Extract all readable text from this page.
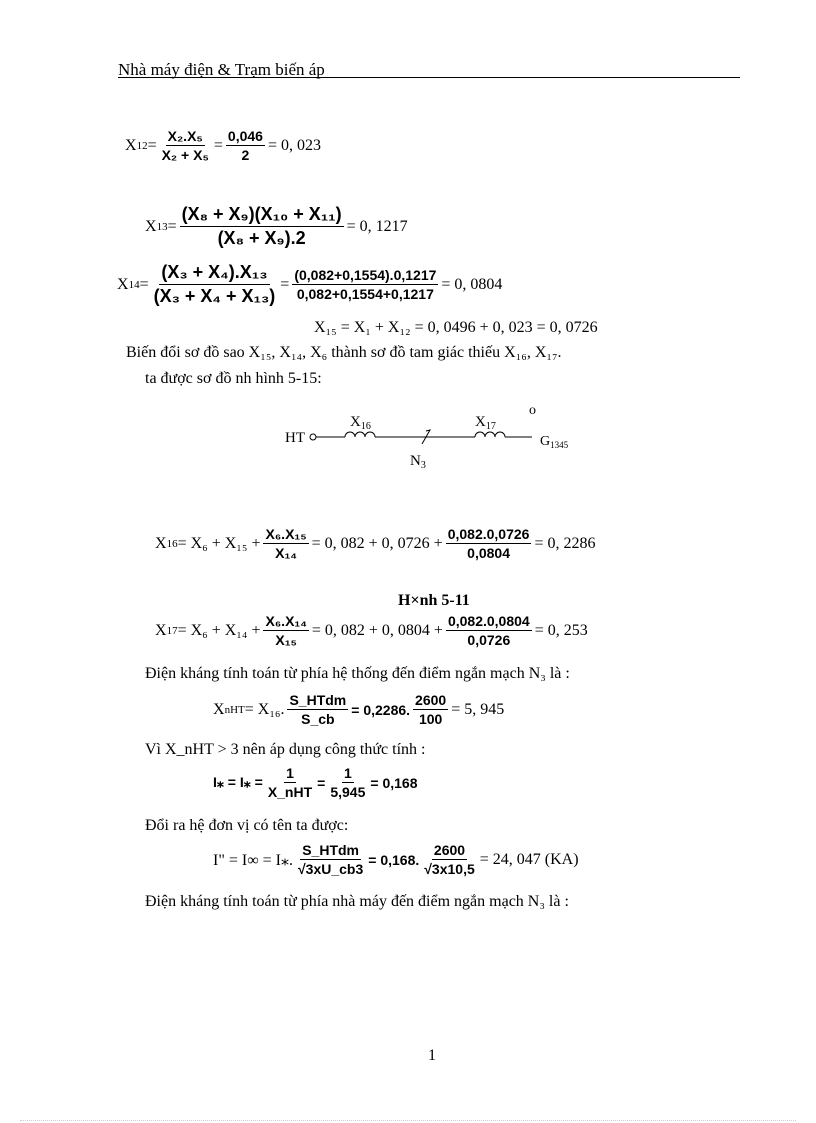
Nhà máy điện & Trạm biến áp
X $12 = \frac{\text{X₂.X₅}}{\text{X₂ + X₅}} = \frac{0,046}{2} = 0$, 023
X $13 = \frac{\text{(X₈ + X₉)(X₁₀ + X₁₁)}}{\text{(X₈ + X₉).2}} = 0$, 1217
X $14 = \frac{\text{(X₃ + X₄).X₁₃}}{\text{(X₃ + X₄ + X₁₃)}} = \frac{(0,082+0,1554).0,1217}{0,082+0,1554+0,1217} = 0$, 0804
X₁₅ = X₁ + X₁₂ = 0, 0496 + 0, 023 = 0, 0726
Biến đổi sơ đồ sao X₁₅, X₁₄, X₆ thành sơ đồ tam giác thiếu X₁₆, X₁₇.
ta được sơ đồ nh hình 5-15:
HT
$X_{16}$
$N_3$
$X_{17}$
o
$G_{1345}$
X $16 = X_6 + X_{15} + \frac{\text{X₆.X₁₅}}{\text{X₁₄}} = 0$, 082 + 0, $0726 + \frac{0,082.0,0726}{0,0804} = 0$, 2286
H×nh 5-11
X $17 = X_6 + X_{14} + \frac{\text{X₆.X₁₄}}{\text{X₁₅}} = 0$, 082 + 0, $0804 + \frac{0,082.0,0804}{0,0726} = 0$, 253
Điện kháng tính toán từ phía hệ thống đến điểm ngắn mạch N₃ là :
X nHT = X₁₆. $\frac{\text{S\_HTdm}}{S\_cb} = 0,2286$. $\frac{2600}{100} = 5$, 945
Vì X_nHT > 3 nên áp dụng công thức tính :
I⁎ = I⁎ = $\frac{1}{\text{X\_nHT}} = \frac{1}{5,945} = 0,168$
Đổi ra hệ đơn vị có tên ta được:
I" = I∞ = I⁎. $\frac{\text{S\_HTdm}}{√3xU\_cb3} = 0,168$. $\frac{2600}{√3x10,5} = 24$, 047 (KA)
Điện kháng tính toán từ phía nhà máy đến điểm ngắn mạch N₃ là :
1
